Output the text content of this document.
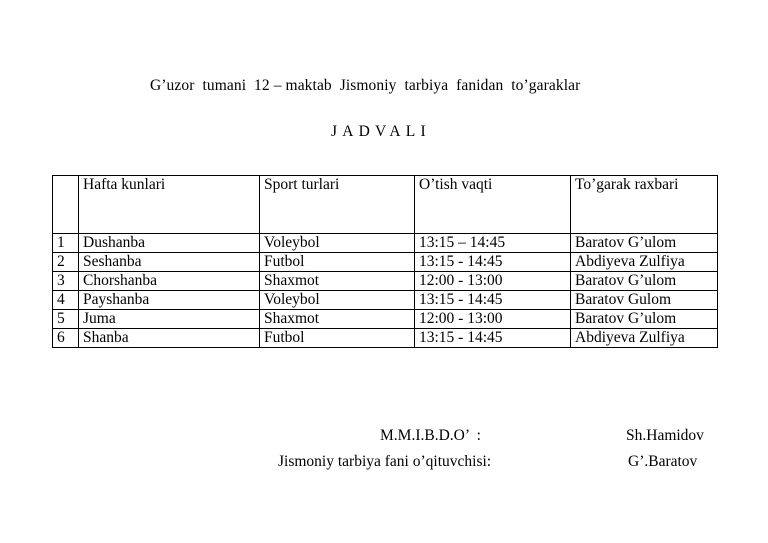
G’uzor  tumani  12 – maktab  Jismoniy  tarbiya  fanidan  to’garaklar
JADVALI
	Hafta kunlari	Sport turlari	O’tish vaqti	To’garak raxbari
1	Dushanba	Voleybol	13:15 – 14:45	Baratov G’ulom
2	Seshanba	Futbol	13:15 - 14:45	Abdiyeva Zulfiya
3	Chorshanba	Shaxmot	12:00 - 13:00	Baratov G’ulom
4	Payshanba	Voleybol	13:15 - 14:45	Baratov Gulom
5	Juma	Shaxmot	12:00 - 13:00	Baratov G’ulom
6	Shanba	Futbol	13:15 - 14:45	Abdiyeva Zulfiya
M.M.I.B.D.O’  :	Sh.Hamidov
Jismoniy tarbiya fani o’qituvchisi:	G’.Baratov
